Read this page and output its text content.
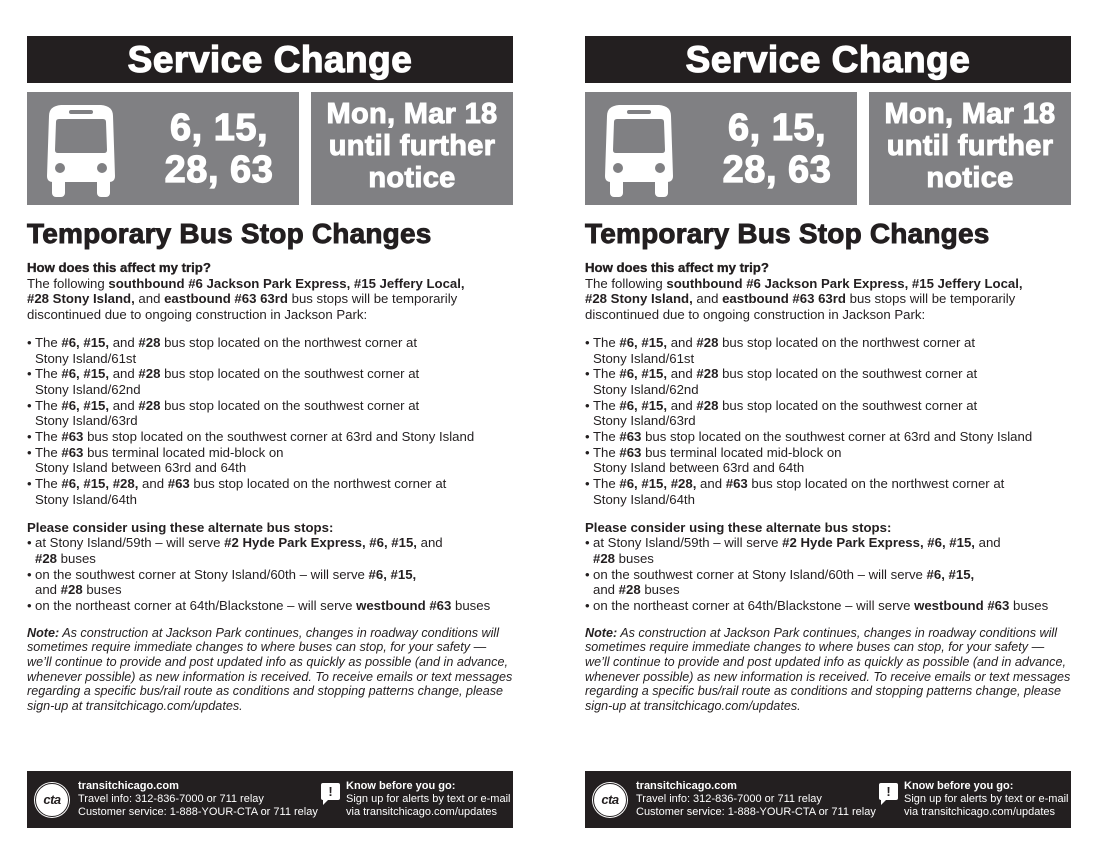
Service Change
6, 15,
28, 63
Mon, Mar 18
until further
notice
Temporary Bus Stop Changes
How does this affect my trip?

The following southbound #6 Jackson Park Express, #15 Jeffery Local,
#28 Stony Island, and eastbound #63 63rd bus stops will be temporarily
discontinued due to ongoing construction in Jackson Park:

• The #6, #15, and #28 bus stop located on the northwest corner at
Stony Island/61st
• The #6, #15, and #28 bus stop located on the southwest corner at
Stony Island/62nd
• The #6, #15, and #28 bus stop located on the southwest corner at
Stony Island/63rd
• The #63 bus stop located on the southwest corner at 63rd and Stony Island
• The #63 bus terminal located mid-block on
Stony Island between 63rd and 64th
• The #6, #15, #28, and #63 bus stop located on the northwest corner at
Stony Island/64th
Please consider using these alternate bus stops:
• at Stony Island/59th – will serve #2 Hyde Park Express, #6, #15, and
#28 buses
• on the southwest corner at Stony Island/60th – will serve #6, #15,
and #28 buses
• on the northeast corner at 64th/Blackstone – will serve westbound #63 buses
Note: As construction at Jackson Park continues, changes in roadway conditions will sometimes require immediate changes to where buses can stop, for your safety — we’ll continue to provide and post updated info as quickly as possible (and in advance, whenever possible) as new information is received. To receive emails or text messages regarding a specific bus/rail route as conditions and stopping patterns change, please sign-up at transitchicago.com/updates.
cta
transitchicago.com
Travel info: 312-836-7000 or 711 relay
Customer service: 1-888-YOUR-CTA or 711 relay
!	Know before you go:
Sign up for alerts by text or e-mail
via transitchicago.com/updates
Service Change
6, 15,
28, 63
Mon, Mar 18
until further
notice
Temporary Bus Stop Changes
How does this affect my trip?

The following southbound #6 Jackson Park Express, #15 Jeffery Local,
#28 Stony Island, and eastbound #63 63rd bus stops will be temporarily
discontinued due to ongoing construction in Jackson Park:

• The #6, #15, and #28 bus stop located on the northwest corner at
Stony Island/61st
• The #6, #15, and #28 bus stop located on the southwest corner at
Stony Island/62nd
• The #6, #15, and #28 bus stop located on the southwest corner at
Stony Island/63rd
• The #63 bus stop located on the southwest corner at 63rd and Stony Island
• The #63 bus terminal located mid-block on
Stony Island between 63rd and 64th
• The #6, #15, #28, and #63 bus stop located on the northwest corner at
Stony Island/64th
Please consider using these alternate bus stops:
• at Stony Island/59th – will serve #2 Hyde Park Express, #6, #15, and
#28 buses
• on the southwest corner at Stony Island/60th – will serve #6, #15,
and #28 buses
• on the northeast corner at 64th/Blackstone – will serve westbound #63 buses
Note: As construction at Jackson Park continues, changes in roadway conditions will sometimes require immediate changes to where buses can stop, for your safety — we’ll continue to provide and post updated info as quickly as possible (and in advance, whenever possible) as new information is received. To receive emails or text messages regarding a specific bus/rail route as conditions and stopping patterns change, please sign-up at transitchicago.com/updates.
cta
transitchicago.com
Travel info: 312-836-7000 or 711 relay
Customer service: 1-888-YOUR-CTA or 711 relay
!	Know before you go:
Sign up for alerts by text or e-mail
via transitchicago.com/updates
